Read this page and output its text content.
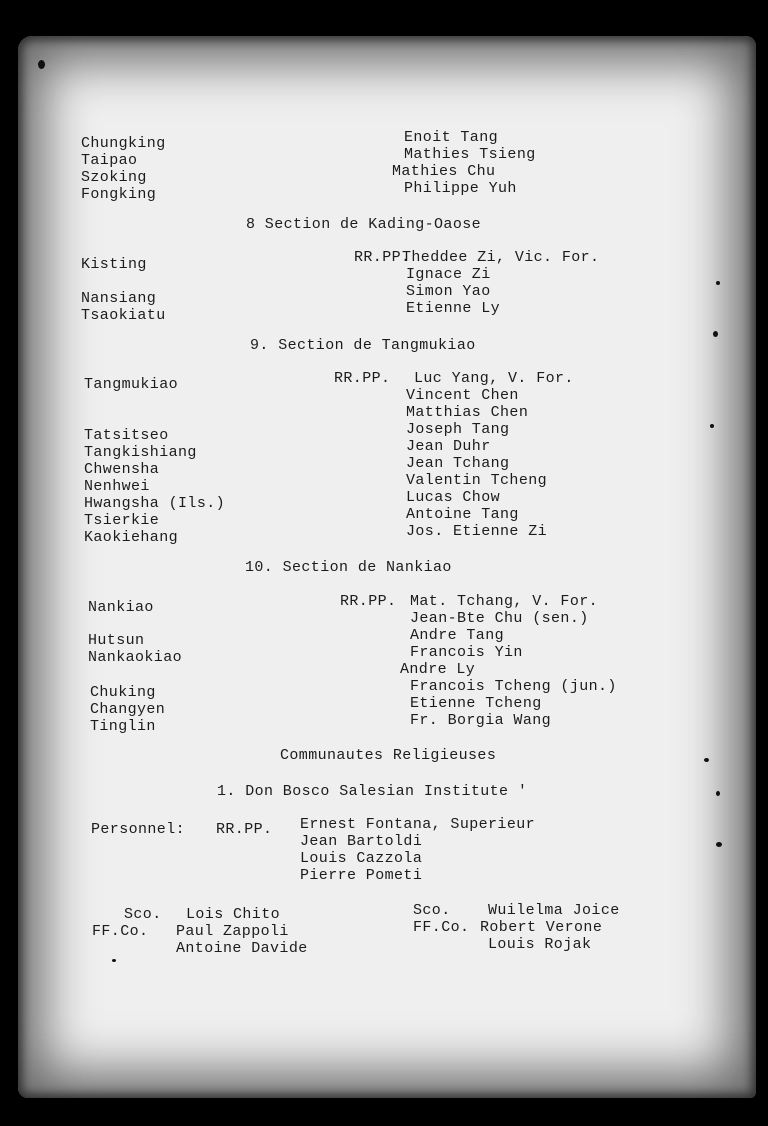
Chungking
Taipao
Szoking
Fongking
Enoit Tang
Mathies Tsieng
Mathies Chu
Philippe Yuh
8 Section de Kading-Oaose
Kisting
Nansiang
Tsaokiatu
RR.PP.
Theddee Zi, Vic. For.
Ignace Zi
Simon Yao
Etienne Ly
9. Section de Tangmukiao
Tangmukiao
Tatsitseo
Tangkishiang
Chwensha
Nenhwei
Hwangsha (Ils.)
Tsierkie
Kaokiehang
RR.PP.	Luc Yang, V. For.
Vincent Chen
Matthias Chen
Joseph Tang
Jean Duhr
Jean Tchang
Valentin Tcheng
Lucas Chow
Antoine Tang
Jos. Etienne Zi
10. Section de Nankiao
Nankiao
Hutsun
Nankaokiao
Chuking
Changyen
Tinglin
RR.PP. Mat. Tchang, V. For.
Jean-Bte Chu (sen.)
Andre Tang
Francois Yin
Andre Ly
Francois Tcheng (jun.)
Etienne Tcheng
Fr. Borgia Wang
Communautes Religieuses
1. Don Bosco Salesian Institute '
Personnel: RR.PP. Ernest Fontana, Superieur
Jean Bartoldi
Louis Cazzola
Pierre Pometi
Sco.
FF.Co.
Lois Chito
Paul Zappoli
Antoine Davide
Sco.
FF.Co.
Wuilelma Joice
Robert Verone
Louis Rojak
